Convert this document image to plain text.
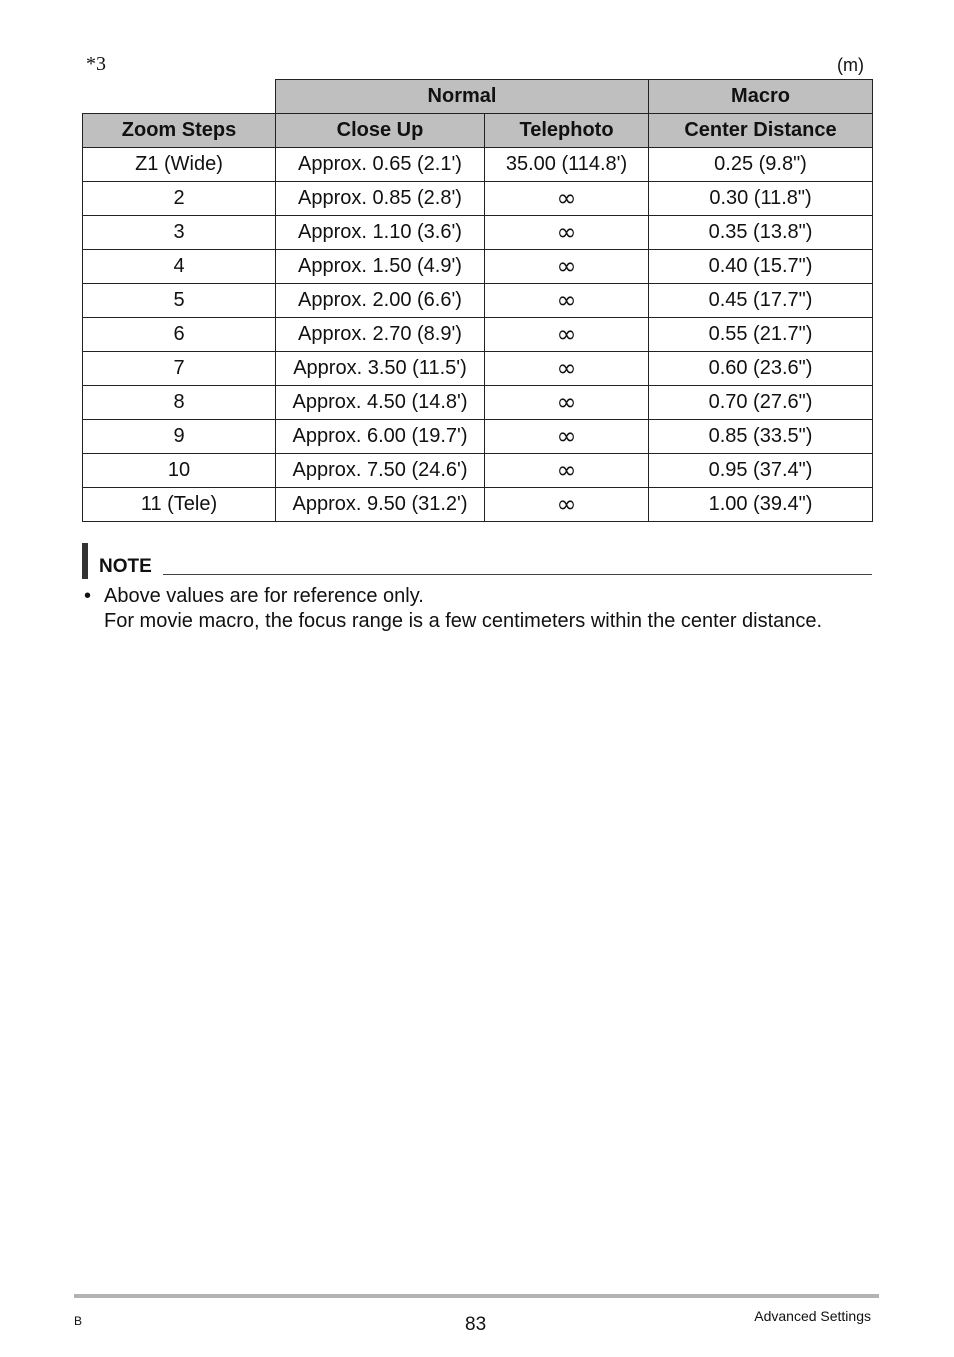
*3	(m)
	Normal		Macro
Zoom Steps	Close Up	Telephoto	Center Distance
Z1 (Wide)	Approx. 0.65 (2.1')	35.00 (114.8')	0.25 (9.8")
2	Approx. 0.85 (2.8')	∞	0.30 (11.8")
3	Approx. 1.10 (3.6')	∞	0.35 (13.8")
4	Approx. 1.50 (4.9')	∞	0.40 (15.7")
5	Approx. 2.00 (6.6')	∞	0.45 (17.7")
6	Approx. 2.70 (8.9')	∞	0.55 (21.7")
7	Approx. 3.50 (11.5')	∞	0.60 (23.6")
8	Approx. 4.50 (14.8')	∞	0.70 (27.6")
9	Approx. 6.00 (19.7')	∞	0.85 (33.5")
10	Approx. 7.50 (24.6')	∞	0.95 (37.4")
11 (Tele)	Approx. 9.50 (31.2')	∞	1.00 (39.4")
NOTE
• Above values are for reference only.
For movie macro, the focus range is a few centimeters within the center distance.
B	83	Advanced Settings
